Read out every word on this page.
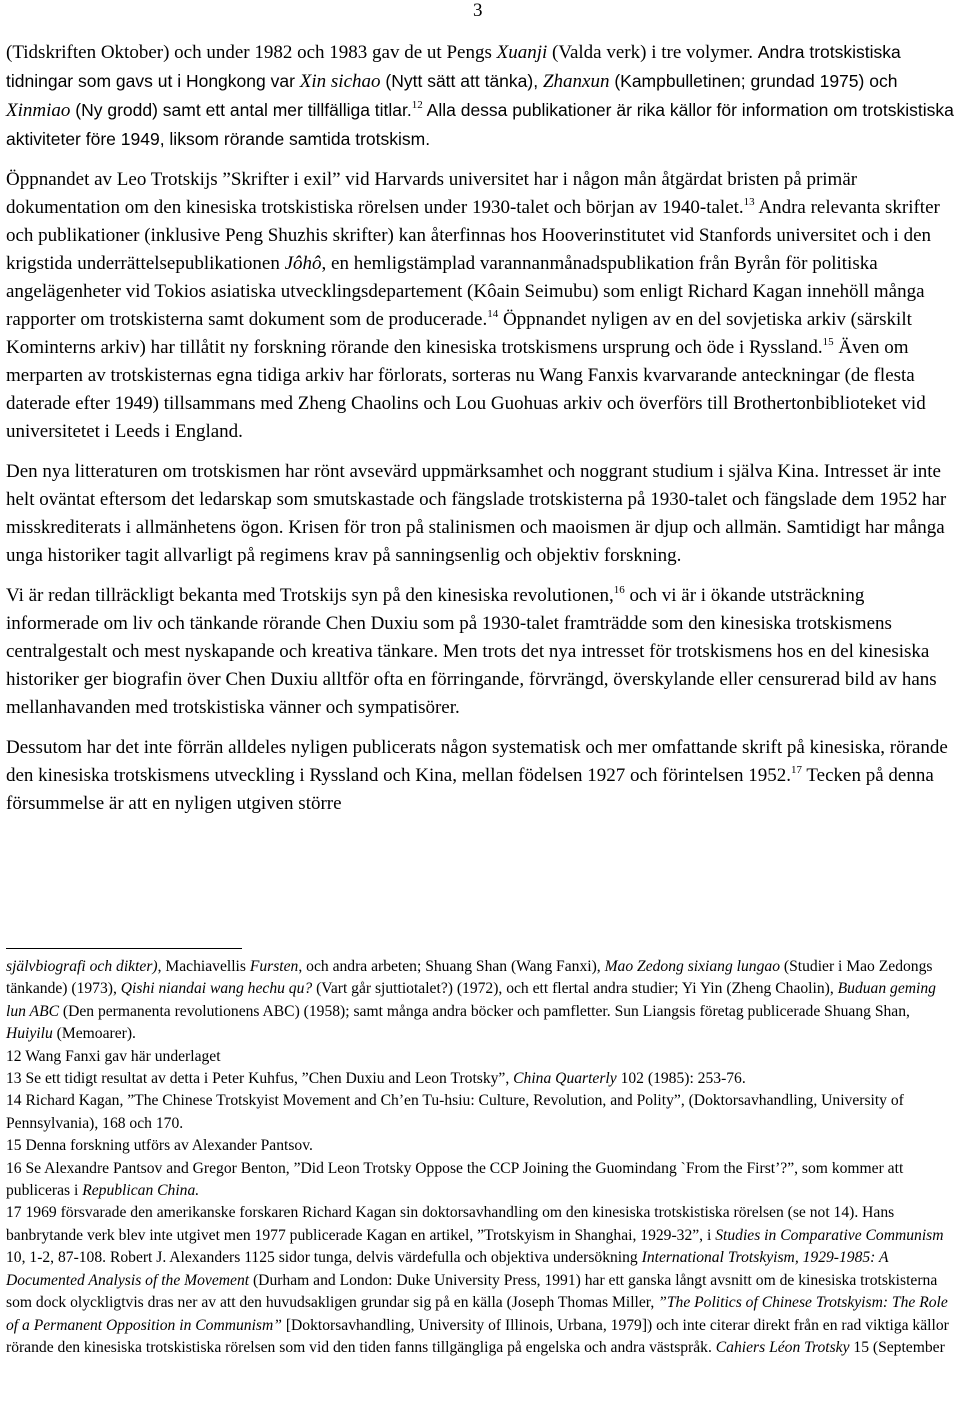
3

(Tidskriften Oktober) och under 1982 och 1983 gav de ut Pengs Xuanji (Valda verk) i tre volymer. Andra trotskistiska tidningar som gavs ut i Hongkong var Xin sichao (Nytt sätt att tänka), Zhanxun (Kampbulletinen; grundad 1975) och Xinmiao (Ny grodd) samt ett antal mer tillfälliga titlar.$^{12}$ Alla dessa publikationer är rika källor för information om trotskistiska aktiviteter före 1949, liksom rörande samtida trotskism.

Öppnandet av Leo Trotskijs ”Skrifter i exil” vid Harvards universitet har i någon mån åtgärdat bristen på primär dokumentation om den kinesiska trotskistiska rörelsen under 1930-talet och början av 1940-talet.$^{13}$ Andra relevanta skrifter och publikationer (inklusive Peng Shuzhis skrifter) kan återfinnas hos Hooverinstitutet vid Stanfords universitet och i den krigstida underrättelsepublikationen Jôhô, en hemligstämplad varannanmånadspublikation från Byrån för politiska angelägenheter vid Tokios asiatiska utvecklingsdepartement (Kôain Seimubu) som enligt Richard Kagan innehöll många rapporter om trotskisterna samt dokument som de producerade.$^{14}$ Öppnandet nyligen av en del sovjetiska arkiv (särskilt Kominterns arkiv) har tillåtit ny forskning rörande den kinesiska trotskismens ursprung och öde i Ryssland.$^{15}$ Även om merparten av trotskisternas egna tidiga arkiv har förlorats, sorteras nu Wang Fanxis kvarvarande anteckningar (de flesta daterade efter 1949) tillsammans med Zheng Chaolins och Lou Guohuas arkiv och överförs till Brothertonbiblioteket vid universitetet i Leeds i England.

Den nya litteraturen om trotskismen har rönt avsevärd uppmärksamhet och noggrant studium i själva Kina. Intresset är inte helt oväntat eftersom det ledarskap som smutskastade och fängslade trotskisterna på 1930-talet och fängslade dem 1952 har misskrediterats i allmänhetens ögon. Krisen för tron på stalinismen och maoismen är djup och allmän. Samtidigt har många unga historiker tagit allvarligt på regimens krav på sanningsenlig och objektiv forskning.

Vi är redan tillräckligt bekanta med Trotskijs syn på den kinesiska revolutionen,$^{16}$ och vi är i ökande utsträckning informerade om liv och tänkande rörande Chen Duxiu som på 1930-talet framträdde som den kinesiska trotskismens centralgestalt och mest nyskapande och kreativa tänkare. Men trots det nya intresset för trotskismens hos en del kinesiska historiker ger biografin över Chen Duxiu alltför ofta en förringande, förvrängd, överskylande eller censurerad bild av hans mellanhavanden med trotskistiska vänner och sympatisörer.

Dessutom har det inte förrän alldeles nyligen publicerats någon systematisk och mer omfattande skrift på kinesiska, rörande den kinesiska trotskismens utveckling i Ryssland och Kina, mellan födelsen 1927 och förintelsen 1952.17 Tecken på denna försummelse är att en nyligen utgiven större

självbiografi och dikter), Machiavellis Fursten, och andra arbeten; Shuang Shan (Wang Fanxi), Mao Zedong sixiang lungao (Studier i Mao Zedongs tänkande) (1973), Qishi niandai wang hechu qu? (Vart går sjuttiotalet?) (1972), och ett flertal andra studier; Yi Yin (Zheng Chaolin), Buduan geming lun ABC (Den permanenta revolutionens ABC) (1958); samt många andra böcker och pamfletter. Sun Liangsis företag publicerade Shuang Shan, Huiyilu (Memoarer).

12 Wang Fanxi gav här underlaget

13 Se ett tidigt resultat av detta i Peter Kuhfus, ”Chen Duxiu and Leon Trotsky”, China Quarterly 102 (1985): 253-76.

14 Richard Kagan, ”The Chinese Trotskyist Movement and Ch’en Tu-hsiu: Culture, Revolution, and Polity”, (Doktorsavhandling, University of Pennsylvania), 168 och 170.

15 Denna forskning utförs av Alexander Pantsov.

16 Se Alexandre Pantsov and Gregor Benton, ”Did Leon Trotsky Oppose the CCP Joining the Guomindang `From the First’?”, som kommer att publiceras i Republican China.

17 1969 försvarade den amerikanske forskaren Richard Kagan sin doktorsavhandling om den kinesiska trotskistiska rörelsen (se not 14). Hans banbrytande verk blev inte utgivet men 1977 publicerade Kagan en artikel, ”Trotskyism in Shanghai, 1929-32”, i Studies in Comparative Communism 10, 1-2, 87-108. Robert J. Alexanders 1125 sidor tunga, delvis värdefulla och objektiva undersökning International Trotskyism, 1929-1985: A Documented Analysis of the Movement (Durham and London: Duke University Press, 1991) har ett ganska långt avsnitt om de kinesiska trotskisterna som dock olyckligtvis dras ner av att den huvudsakligen grundar sig på en källa (Joseph Thomas Miller, ”The Politics of Chinese Trotskyism: The Role of a Permanent Opposition in Communism” [Doktorsavhandling, University of Illinois, Urbana, 1979]) och inte citerar direkt från en rad viktiga källor rörande den kinesiska trotskistiska rörelsen som vid den tiden fanns tillgängliga på engelska och andra västspråk. Cahiers Léon Trotsky 15 (September
